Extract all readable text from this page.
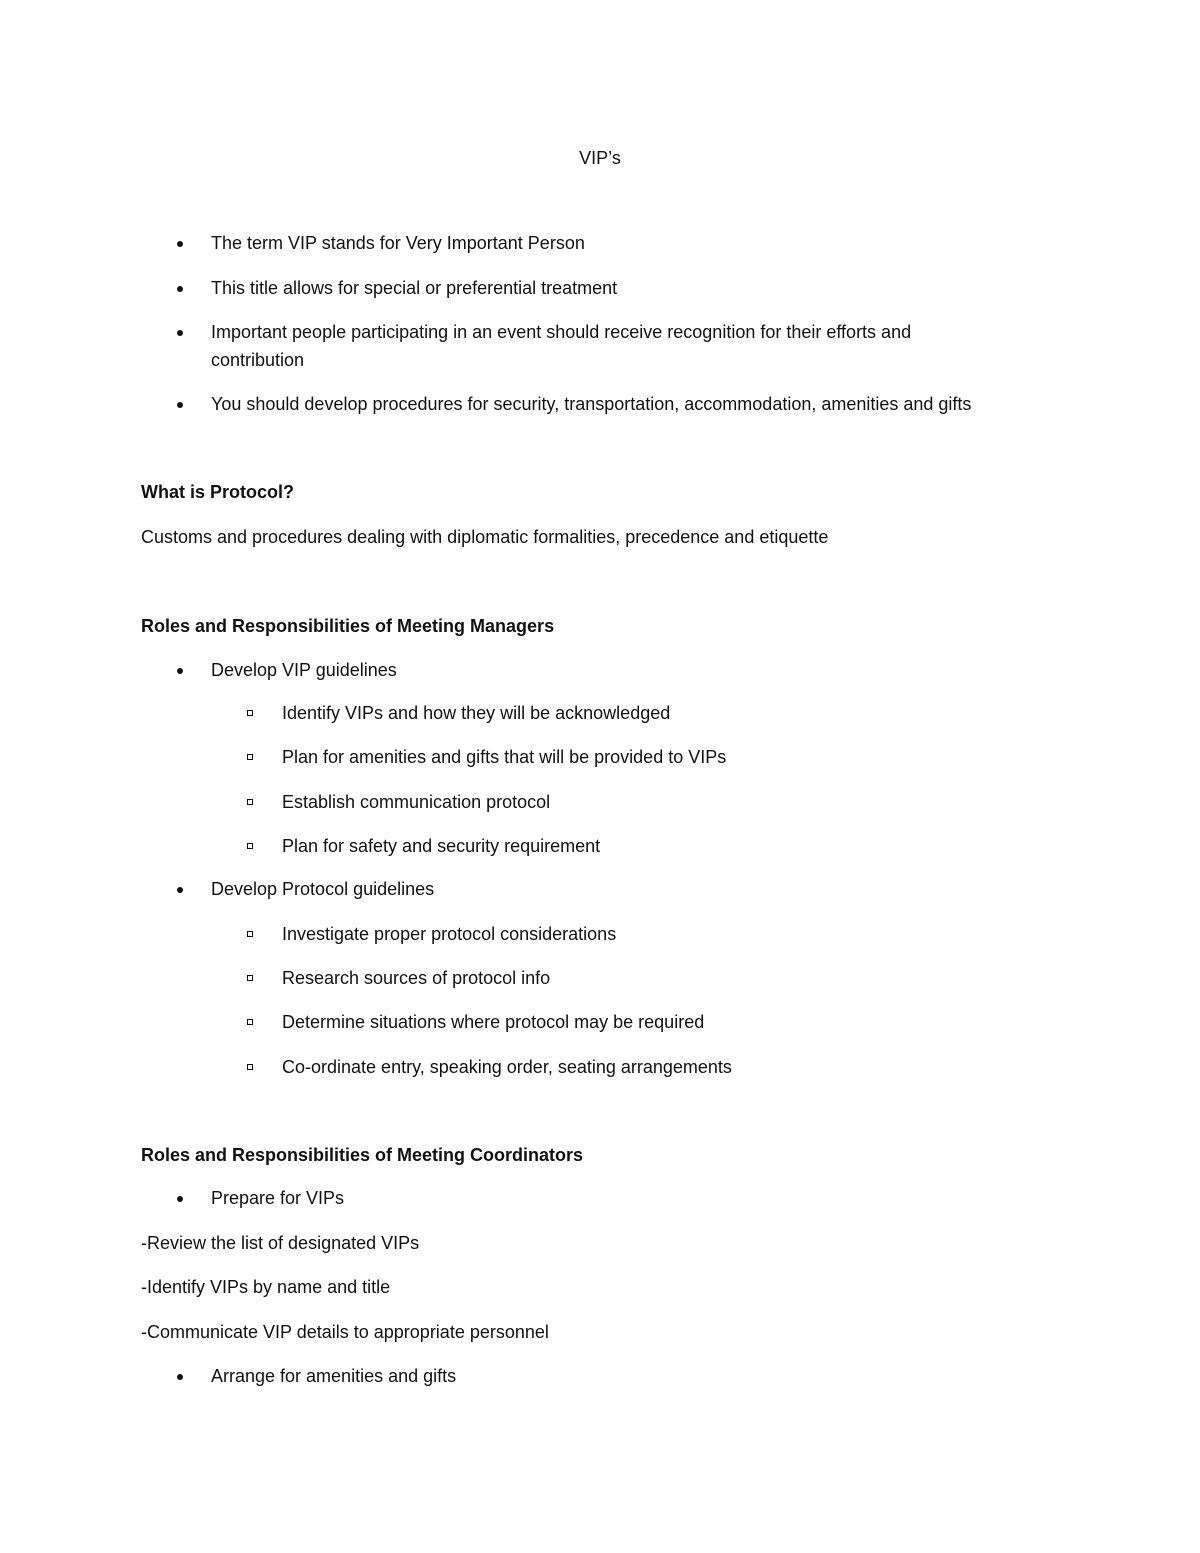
VIP’s
The term VIP stands for Very Important Person
This title allows for special or preferential treatment
Important people participating in an event should receive recognition for their efforts and
contribution
You should develop procedures for security, transportation, accommodation, amenities and gifts
What is Protocol?
Customs and procedures dealing with diplomatic formalities, precedence and etiquette
Roles and Responsibilities of Meeting Managers
Develop VIP guidelines
Identify VIPs and how they will be acknowledged
Plan for amenities and gifts that will be provided to VIPs
Establish communication protocol
Plan for safety and security requirement
Develop Protocol guidelines
Investigate proper protocol considerations
Research sources of protocol info
Determine situations where protocol may be required
Co-ordinate entry, speaking order, seating arrangements
Roles and Responsibilities of Meeting Coordinators
Prepare for VIPs
-Review the list of designated VIPs
-Identify VIPs by name and title
-Communicate VIP details to appropriate personnel
Arrange for amenities and gifts
